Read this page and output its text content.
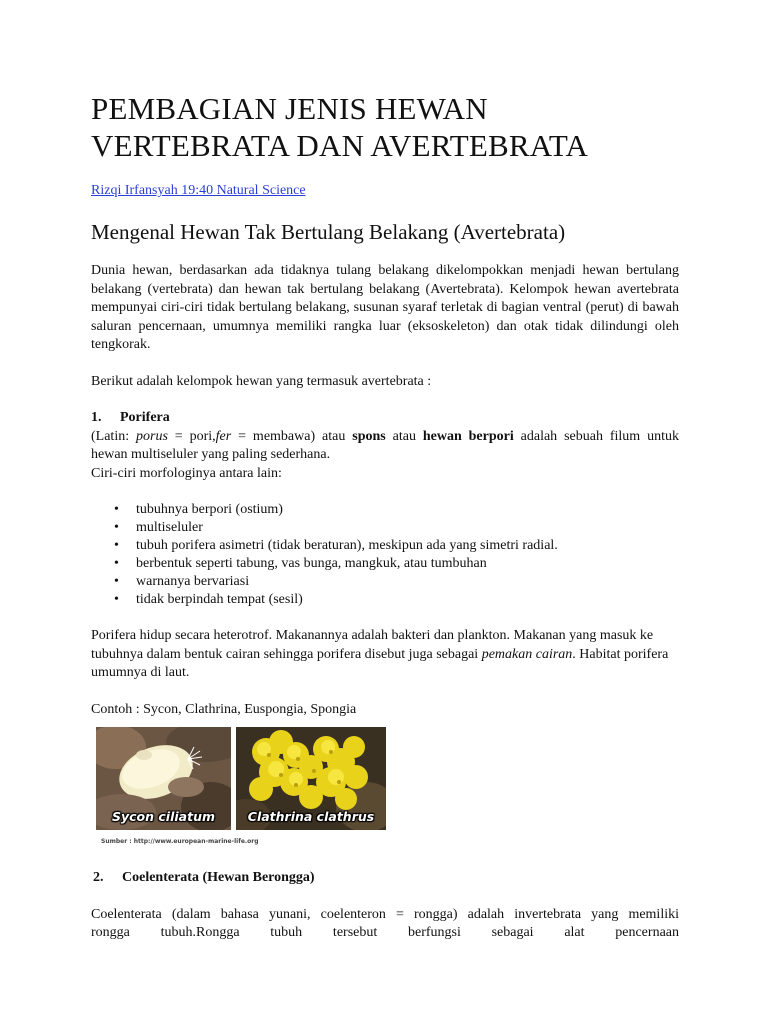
PEMBAGIAN JENIS HEWAN
VERTEBRATA DAN AVERTEBRATA
Rizqi Irfansyah 19:40 Natural Science
Mengenal Hewan Tak Bertulang Belakang (Avertebrata)

Dunia hewan, berdasarkan ada tidaknya tulang belakang dikelompokkan menjadi hewan bertulang belakang (vertebrata) dan hewan tak bertulang belakang (Avertebrata). Kelompok hewan avertebrata mempunyai ciri-ciri tidak bertulang belakang, susunan syaraf terletak di bagian ventral (perut) di bawah saluran pencernaan, umumnya memiliki rangka luar (eksoskeleton) dan otak tidak dilindungi oleh tengkorak.

Berikut adalah kelompok hewan yang termasuk avertebrata :

1. Porifera

(Latin: porus = pori,fer = membawa) atau spons atau hewan berpori adalah sebuah filum untuk

hewan multiseluler yang paling sederhana.

Ciri-ciri morfologinya antara lain:

• tubuhnya berpori (ostium)
• multiseluler
• tubuh porifera asimetri (tidak beraturan), meskipun ada yang simetri radial.
• berbentuk seperti tabung, vas bunga, mangkuk, atau tumbuhan
• warnanya bervariasi
• tidak berpindah tempat (sesil)

Porifera hidup secara heterotrof. Makanannya adalah bakteri dan plankton. Makanan yang masuk ke tubuhnya dalam bentuk cairan sehingga porifera disebut juga sebagai pemakan cairan. Habitat porifera umumnya di laut.

Contoh : Sycon, Clathrina, Euspongia, Spongia

Sycon ciliatum	Clathrina clathrus
Sumber : http://www.european-marine-life.org
2. Coelenterata (Hewan Berongga)

Coelenterata (dalam bahasa yunani, coelenteron = rongga) adalah invertebrata yang memiliki

rongga tubuh.Rongga tubuh tersebut berfungsi sebagai alat pencernaan
